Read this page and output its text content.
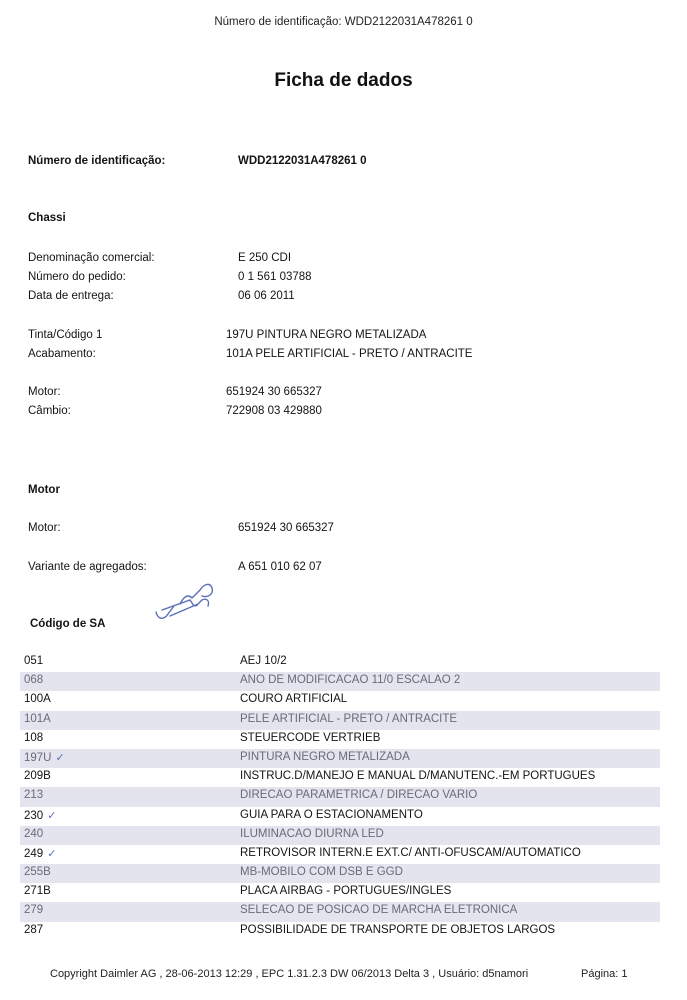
Número de identificação: WDD2122031A478261 0
Ficha de dados
Número de identificação:	WDD2122031A478261 0
Chassi
Denominação comercial:	E 250 CDI
Número do pedido:	0 1 561 03788
Data de entrega:	06 06 2011
Tinta/Código 1	197U PINTURA NEGRO METALIZADA
Acabamento:	101A PELE ARTIFICIAL - PRETO / ANTRACITE
Motor:	651924 30 665327
Câmbio:	722908 03 429880
Motor
Motor:	651924 30 665327
Variante de agregados:	A 651 010 62 07
Código de SA
051	AEJ 10/2
068	ANO DE MODIFICACAO 11/0 ESCALAO 2
100A	COURO ARTIFICIAL
101A	PELE ARTIFICIAL - PRETO / ANTRACITE
108	STEUERCODE VERTRIEB
197U ✓	PINTURA NEGRO METALIZADA
209B	INSTRUC.D/MANEJO E MANUAL D/MANUTENC.-EM PORTUGUES
213	DIRECAO PARAMETRICA / DIRECAO VARIO
230 ✓	GUIA PARA O ESTACIONAMENTO
240	ILUMINACAO DIURNA LED
249 ✓	RETROVISOR INTERN.E EXT.C/ ANTI-OFUSCAM/AUTOMATICO
255B	MB-MOBILO COM DSB E GGD
271B	PLACA AIRBAG - PORTUGUES/INGLES
279	SELECAO DE POSICAO DE MARCHA ELETRONICA
287	POSSIBILIDADE DE TRANSPORTE DE OBJETOS LARGOS
Copyright Daimler AG , 28-06-2013 12:29 , EPC 1.31.2.3 DW 06/2013 Delta 3 , Usuário: d5namori	Página: 1
